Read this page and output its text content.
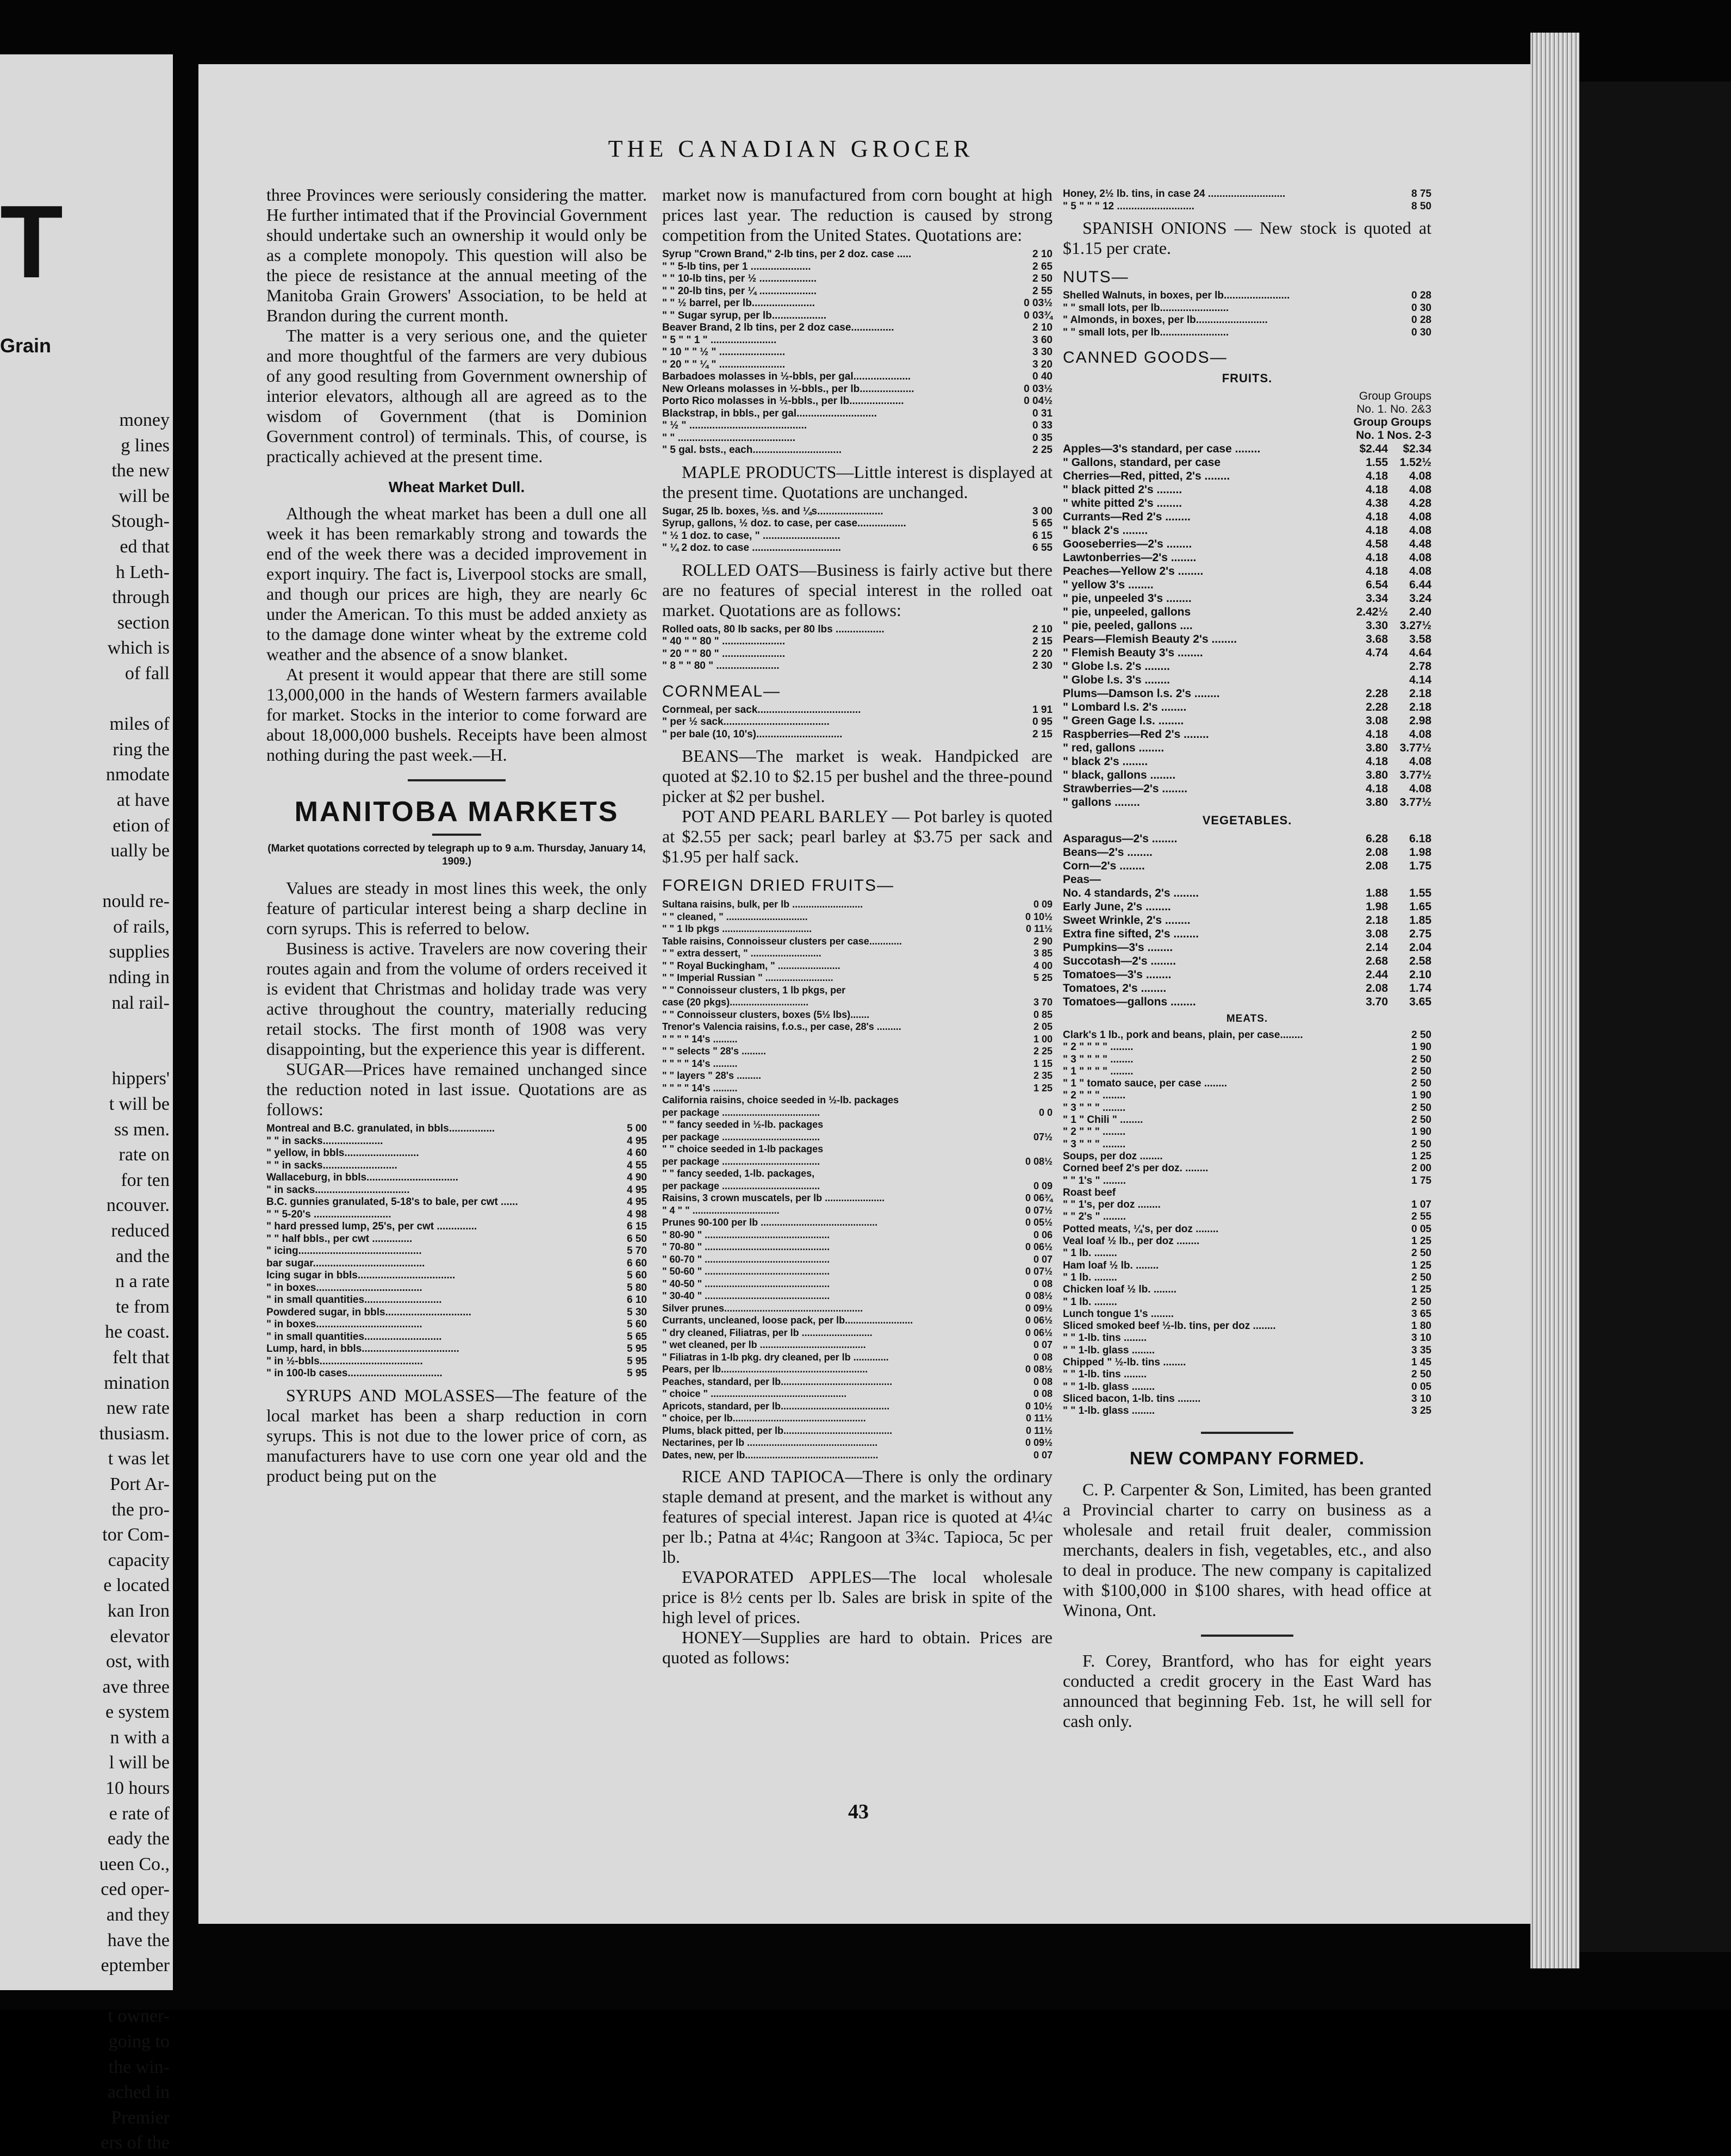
T
Grain
money
g lines
the new
will be
Stough-
ed that
h Leth-
through
section
which is
of fall
miles of
ring the
nmodate
at have
etion of
ually be
nould re-
of rails,
supplies
nding in
nal rail-
hippers'
t will be
ss men.
rate on
for ten
ncouver.
reduced
and the
n a rate
te from
he coast.
felt that
mination
new rate
thusiasm.
t was let
Port Ar-
the pro-
tor Com-
capacity
e located
kan Iron
elevator
ost, with
ave three
e system
n with a
l will be
10 hours
e rate of
eady the
ueen Co.,
ced oper-
and they
have the
eptember
t owner-
going to
the win-
ached in
Premier
ers of the
THE CANADIAN GROCER

three Provinces were seriously considering the matter. He further intimated that if the Provincial Government should undertake such an ownership it would only be as a complete monopoly. This question will also be the piece de resistance at the annual meeting of the Manitoba Grain Growers' Association, to be held at Brandon during the current month.

The matter is a very serious one, and the quieter and more thoughtful of the farmers are very dubious of any good resulting from Government ownership of interior elevators, although all are agreed as to the wisdom of Government (that is Dominion Government control) of terminals. This, of course, is practically achieved at the present time.

Wheat Market Dull.

Although the wheat market has been a dull one all week it has been remarkably strong and towards the end of the week there was a decided improvement in export inquiry. The fact is, Liverpool stocks are small, and though our prices are high, they are nearly 6c under the American. To this must be added anxiety as to the damage done winter wheat by the extreme cold weather and the absence of a snow blanket.

At present it would appear that there are still some 13,000,000 in the hands of Western farmers available for market. Stocks in the interior to come forward are about 18,000,000 bushels. Receipts have been almost nothing during the past week.—H.

MANITOBA MARKETS
(Market quotations corrected by telegraph up to 9 a.m. Thursday, January 14, 1909.)

Values are steady in most lines this week, the only feature of particular interest being a sharp decline in corn syrups. This is referred to below.

Business is active. Travelers are now covering their routes again and from the volume of orders received it is evident that Christmas and holiday trade was very active throughout the country, materially reducing retail stocks. The first month of 1908 was very disappointing, but the experience this year is different.

SUGAR—Prices have remained unchanged since the reduction noted in last issue. Quotations are as follows:

Montreal and B.C. granulated, in bbls................	5 00
" " in sacks.....................	4 95
" yellow, in bbls..........................	4 60
" " in sacks..........................	4 55
Wallaceburg, in bbls................................	4 90
" in sacks.................................	4 95
B.C. gunnies granulated, 5-18's to bale, per cwt ......	4 95
" " 5-20's ...........................	4 98
" hard pressed lump, 25's, per cwt ..............	6 15
" " half bbls., per cwt ..............	6 50
" icing...........................................	5 70
bar sugar.......................................	6 60
Icing sugar in bbls..................................	5 60
" in boxes.....................................	5 80
" in small quantities...........................	6 10
Powdered sugar, in bbls..............................	5 30
" in boxes.....................................	5 60
" in small quantities...........................	5 65
Lump, hard, in bbls..................................	5 95
" in ½-bbls....................................	5 95
" in 100-lb cases.................................	5 95

SYRUPS AND MOLASSES—The feature of the local market has been a sharp reduction in corn syrups. This is not due to the lower price of corn, as manufacturers have to use corn one year old and the product being put on the

market now is manufactured from corn bought at high prices last year. The reduction is caused by strong competition from the United States. Quotations are:

Syrup "Crown Brand," 2-lb tins, per 2 doz. case .....	2 10
" " 5-lb tins, per 1 .....................	2 65
" " 10-lb tins, per ½ ....................	2 50
" " 20-lb tins, per ¼ ....................	2 55
" " ½ barrel, per lb......................	0 03½
" " Sugar syrup, per lb...................	0 03¾
Beaver Brand, 2 lb tins, per 2 doz case...............	2 10
" 5 " " 1 " .......................	3 60
" 10 " " ½ " .......................	3 30
" 20 " " ¼ " .......................	3 20
Barbadoes molasses in ½-bbls, per gal....................	0 40
New Orleans molasses in ½-bbls., per lb...................	0 03½
Porto Rico molasses in ½-bbls., per lb...................	0 04½
Blackstrap, in bbls., per gal............................	0 31
" ½ " .........................................	0 33
" " .........................................	0 35
" 5 gal. bsts., each...............................	2 25

MAPLE PRODUCTS—Little interest is displayed at the present time. Quotations are unchanged.

Sugar, 25 lb. boxes, ½s. and ¼s.......................	3 00
Syrup, gallons, ½ doz. to case, per case.................	5 65
" ½ 1 doz. to case, " ...........................	6 15
" ¼ 2 doz. to case ...............................	6 55

ROLLED OATS—Business is fairly active but there are no features of special interest in the rolled oat market. Quotations are as follows:

Rolled oats, 80 lb sacks, per 80 lbs .................	2 10
" 40 " " 80 " ......................	2 15
" 20 " " 80 " ......................	2 20
" 8 " " 80 " ......................	2 30
CORNMEAL—
Cornmeal, per sack....................................	1 91
" per ½ sack.....................................	0 95
" per bale (10, 10's)..............................	2 15

BEANS—The market is weak. Handpicked are quoted at $2.10 to $2.15 per bushel and the three-pound picker at $2 per bushel.

POT AND PEARL BARLEY — Pot barley is quoted at $2.55 per sack; pearl barley at $3.75 per sack and $1.95 per half sack.

FOREIGN DRIED FRUITS—
Sultana raisins, bulk, per lb ..........................	0 09
" " cleaned, " ..............................	0 10½
" " 1 lb pkgs .................................	0 11½
Table raisins, Connoisseur clusters per case............	2 90
" " extra dessert, " ..........................	3 85
" " Royal Buckingham, " .......................	4 00
" " Imperial Russian " .........................	5 25
" " Connoisseur clusters, 1 lb pkgs, per	
case (20 pkgs).............................	3 70
" " Connoisseur clusters, boxes (5½ lbs).......	0 85
Trenor's Valencia raisins, f.o.s., per case, 28's .........	2 05
" " " " 14's .........	1 00
" " selects " 28's .........	2 25
" " " " 14's .........	1 15
" " layers " 28's .........	2 35
" " " " 14's .........	1 25
California raisins, choice seeded in ½-lb. packages	
per package ....................................	0 0
" " fancy seeded in ½-lb. packages	
per package ....................................	07½
" " choice seeded in 1-lb packages	
per package ....................................	0 08½
" " fancy seeded, 1-lb. packages,	
per package ....................................	0 09
Raisins, 3 crown muscatels, per lb ......................	0 06¾
" 4 " " ................................	0 07½
Prunes 90-100 per lb ...........................................	0 05½
" 80-90 " ..............................................	0 06
" 70-80 " ..............................................	0 06½
" 60-70 " ..............................................	0 07
" 50-60 " ..............................................	0 07½
" 40-50 " ..............................................	0 08
" 30-40 " ..............................................	0 08½
Silver prunes...................................................	0 09½
Currants, uncleaned, loose pack, per lb.........................	0 06½
" dry cleaned, Filiatras, per lb ..........................	0 06½
" wet cleaned, per lb .......................................	0 07
" Filiatras in 1-lb pkg. dry cleaned, per lb .............	0 08
Pears, per lb......................................................	0 08½
Peaches, standard, per lb.........................................	0 08
" choice " ..................................................	0 08
Apricots, standard, per lb........................................	0 10½
" choice, per lb.................................................	0 11½
Plums, black pitted, per lb........................................	0 11½
Nectarines, per lb ................................................	0 09½
Dates, new, per lb.................................................	0 07

RICE AND TAPIOCA—There is only the ordinary staple demand at present, and the market is without any features of special interest. Japan rice is quoted at 4¼c per lb.; Patna at 4¼c; Rangoon at 3¾c. Tapioca, 5c per lb.

EVAPORATED APPLES—The local wholesale price is 8½ cents per lb. Sales are brisk in spite of the high level of prices.

HONEY—Supplies are hard to obtain. Prices are quoted as follows:

Honey, 2½ lb. tins, in case 24 ...........................	8 75
" 5 " " " 12 ...........................	8 50

SPANISH ONIONS — New stock is quoted at $1.15 per crate.

NUTS—
Shelled Walnuts, in boxes, per lb.......................	0 28
" " small lots, per lb........................	0 30
" Almonds, in boxes, per lb.........................	0 28
" " small lots, per lb........................	0 30
CANNED GOODS—
FRUITS.
Group Groups
No. 1. No. 2&3
Group Groups
No. 1 Nos. 2-3
Apples—3's standard, per case ........	$2.44	$2.34
" Gallons, standard, per case	1.55	1.52½
Cherries—Red, pitted, 2's ........	4.18	4.08
" black pitted 2's ........	4.18	4.08
" white pitted 2's ........	4.38	4.28
Currants—Red 2's ........	4.18	4.08
" black 2's ........	4.18	4.08
Gooseberries—2's ........	4.58	4.48
Lawtonberries—2's ........	4.18	4.08
Peaches—Yellow 2's ........	4.18	4.08
" yellow 3's ........	6.54	6.44
" pie, unpeeled 3's ........	3.34	3.24
" pie, unpeeled, gallons	2.42½	2.40
" pie, peeled, gallons ....	3.30	3.27½
Pears—Flemish Beauty 2's ........	3.68	3.58
" Flemish Beauty 3's ........	4.74	4.64
" Globe l.s. 2's ........		2.78
" Globe l.s. 3's ........		4.14
Plums—Damson l.s. 2's ........	2.28	2.18
" Lombard l.s. 2's ........	2.28	2.18
" Green Gage l.s. ........	3.08	2.98
Raspberries—Red 2's ........	4.18	4.08
" red, gallons ........	3.80	3.77½
" black 2's ........	4.18	4.08
" black, gallons ........	3.80	3.77½
Strawberries—2's ........	4.18	4.08
" gallons ........	3.80	3.77½
VEGETABLES.
Asparagus—2's ........	6.28	6.18
Beans—2's ........	2.08	1.98
Corn—2's ........	2.08	1.75
Peas—		
No. 4 standards, 2's ........	1.88	1.55
Early June, 2's ........	1.98	1.65
Sweet Wrinkle, 2's ........	2.18	1.85
Extra fine sifted, 2's ........	3.08	2.75
Pumpkins—3's ........	2.14	2.04
Succotash—2's ........	2.68	2.58
Tomatoes—3's ........	2.44	2.10
Tomatoes, 2's ........	2.08	1.74
Tomatoes—gallons ........	3.70	3.65
MEATS.
Clark's 1 lb., pork and beans, plain, per case........	2 50
" 2 " " " " ........	1 90
" 3 " " " " ........	2 50
" 1 " " " " ........	2 50
" 1 " tomato sauce, per case ........	2 50
" 2 " " " ........	1 90
" 3 " " " ........	2 50
" 1 " Chili " ........	2 50
" 2 " " " ........	1 90
" 3 " " " ........	2 50
Soups, per doz ........	1 25
Corned beef 2's per doz. ........	2 00
" " 1's " ........	1 75
Roast beef	
" " 1's, per doz ........	1 07
" " 2's " ........	2 55
Potted meats, ¼'s, per doz ........	0 05
Veal loaf ½ lb., per doz ........	1 25
" 1 lb. ........	2 50
Ham loaf ½ lb. ........	1 25
" 1 lb. ........	2 50
Chicken loaf ½ lb. ........	1 25
" 1 lb. ........	2 50
Lunch tongue 1's ........	3 65
Sliced smoked beef ½-lb. tins, per doz ........	1 80
" " 1-lb. tins ........	3 10
" " 1-lb. glass ........	3 35
Chipped " ½-lb. tins ........	1 45
" " 1-lb. tins ........	2 50
" " 1-lb. glass ........	0 05
Sliced bacon, 1-lb. tins ........	3 10
" " 1-lb. glass ........	3 25
NEW COMPANY FORMED.

C. P. Carpenter & Son, Limited, has been granted a Provincial charter to carry on business as a wholesale and retail fruit dealer, commission merchants, dealers in fish, vegetables, etc., and also to deal in produce. The new company is capitalized with $100,000 in $100 shares, with head office at Winona, Ont.

F. Corey, Brantford, who has for eight years conducted a credit grocery in the East Ward has announced that beginning Feb. 1st, he will sell for cash only.

43
